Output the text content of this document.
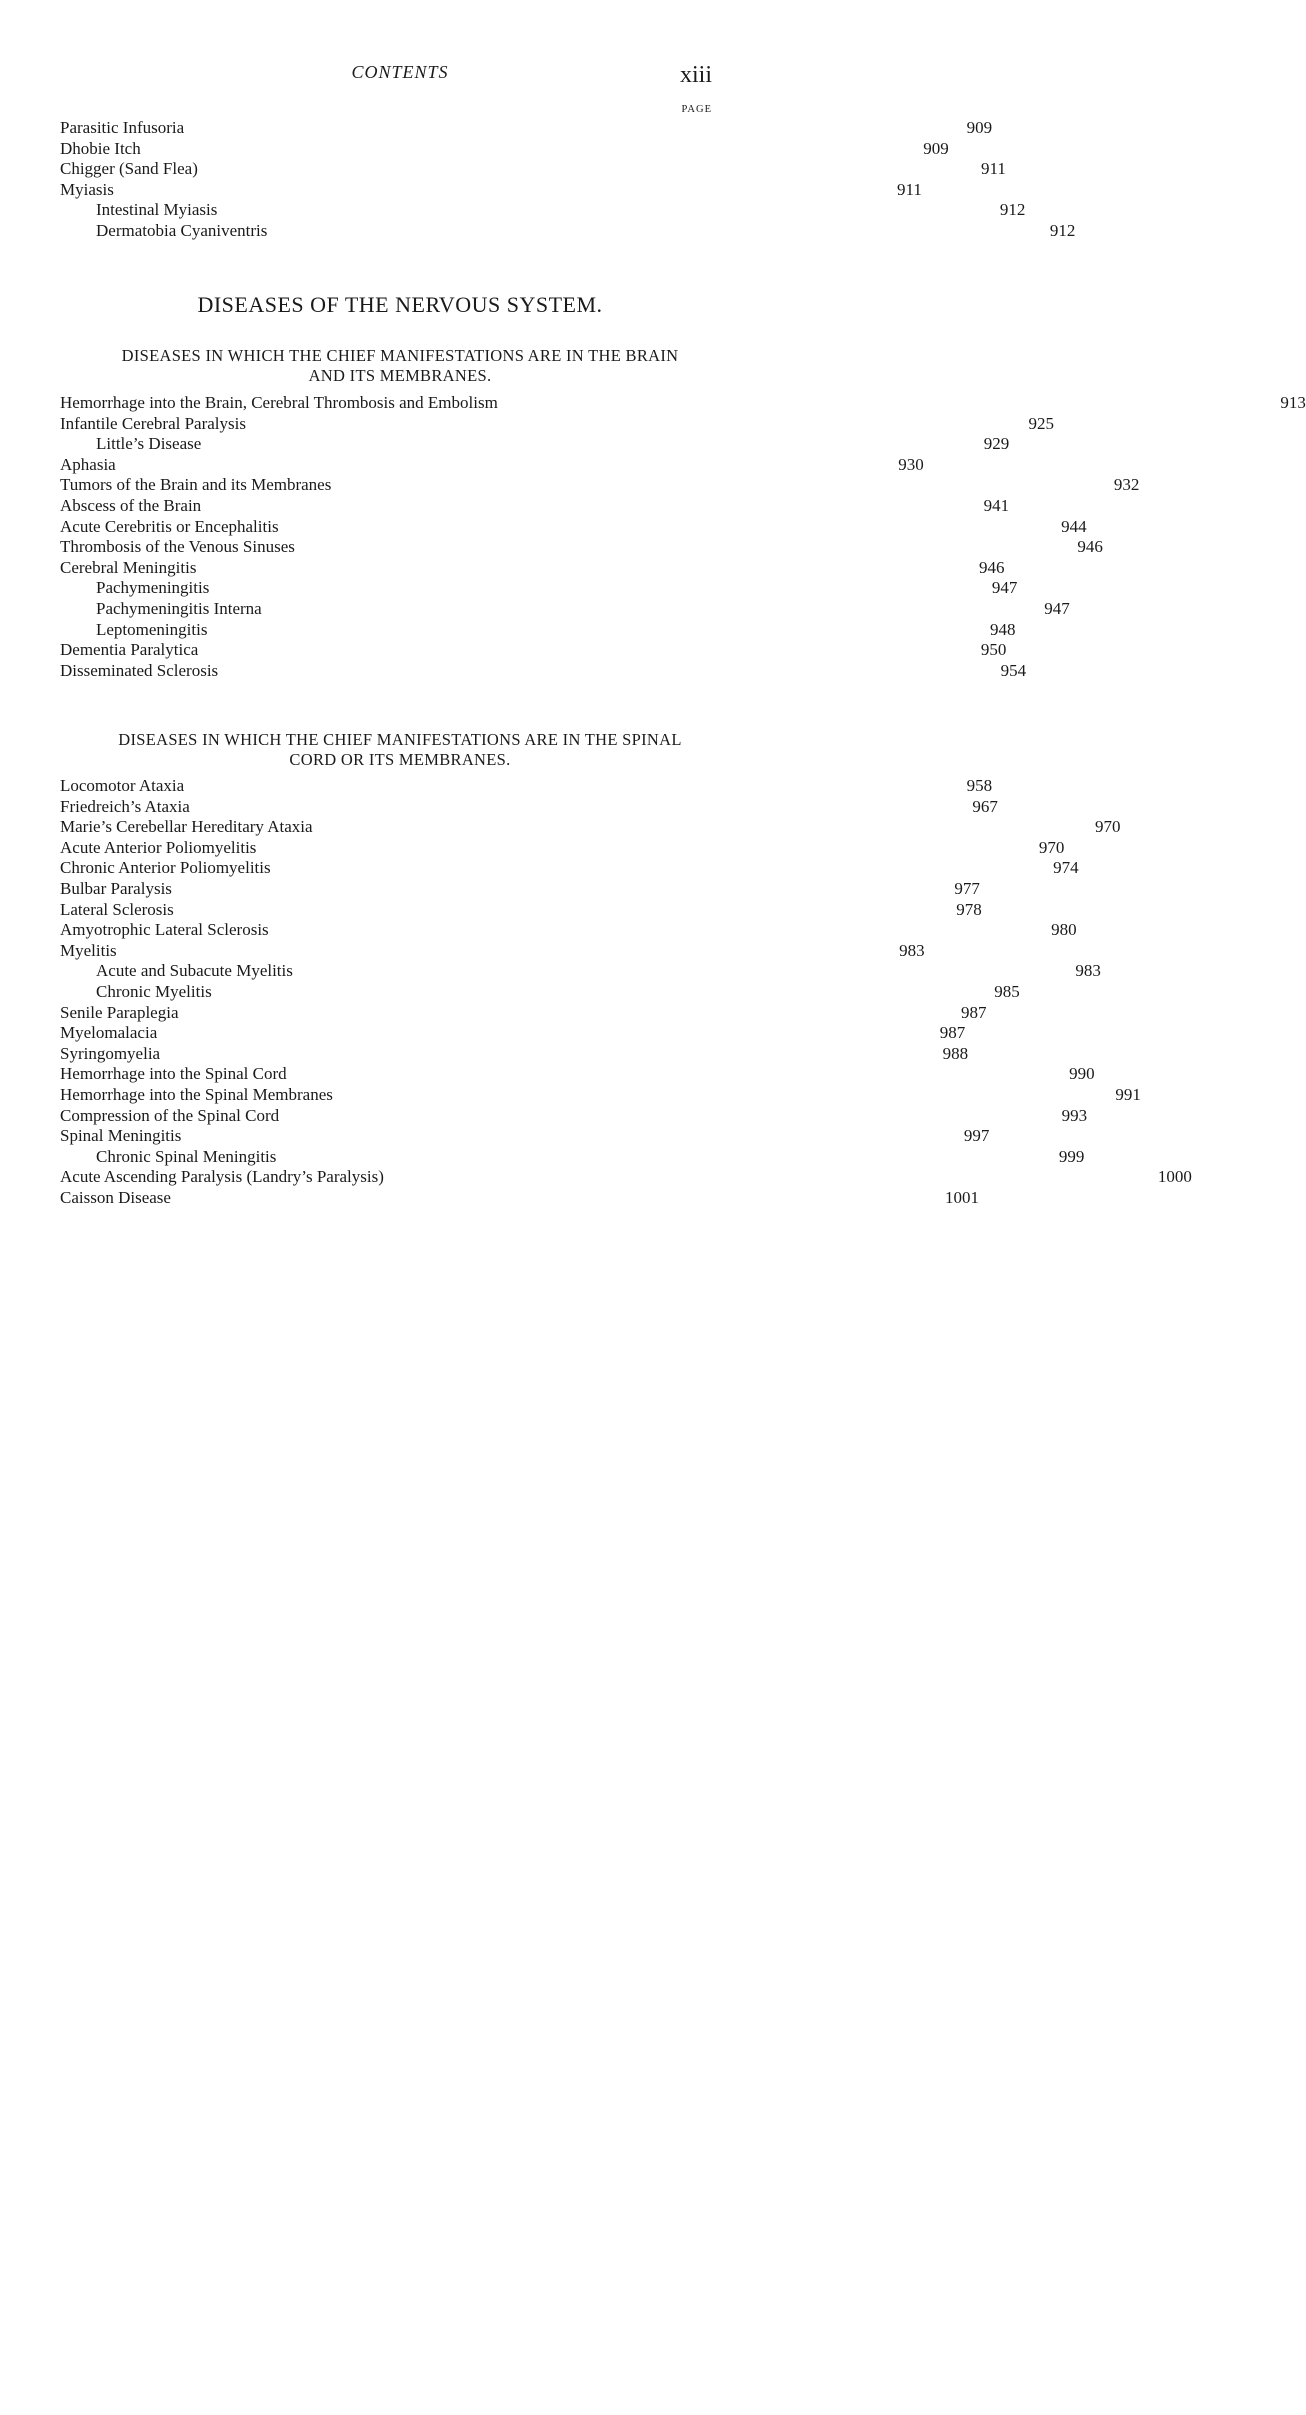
CONTENTS	xiii
PAGE
Parasitic Infusoria	909
Dhobie Itch	909
Chigger (Sand Flea)	911
Myiasis	911
Intestinal Myiasis	912
Dermatobia Cyaniventris	912
DISEASES OF THE NERVOUS SYSTEM.
DISEASES IN WHICH THE CHIEF MANIFESTATIONS ARE IN THE BRAIN
AND ITS MEMBRANES.
Hemorrhage into the Brain, Cerebral Thrombosis and Embolism	913
Infantile Cerebral Paralysis	925
Little’s Disease	929
Aphasia	930
Tumors of the Brain and its Membranes	932
Abscess of the Brain	941
Acute Cerebritis or Encephalitis	944
Thrombosis of the Venous Sinuses	946
Cerebral Meningitis	946
Pachymeningitis	947
Pachymeningitis Interna	947
Leptomeningitis	948
Dementia Paralytica	950
Disseminated Sclerosis	954
DISEASES IN WHICH THE CHIEF MANIFESTATIONS ARE IN THE SPINAL
CORD OR ITS MEMBRANES.
Locomotor Ataxia	958
Friedreich’s Ataxia	967
Marie’s Cerebellar Hereditary Ataxia	970
Acute Anterior Poliomyelitis	970
Chronic Anterior Poliomyelitis	974
Bulbar Paralysis	977
Lateral Sclerosis	978
Amyotrophic Lateral Sclerosis	980
Myelitis	983
Acute and Subacute Myelitis	983
Chronic Myelitis	985
Senile Paraplegia	987
Myelomalacia	987
Syringomyelia	988
Hemorrhage into the Spinal Cord	990
Hemorrhage into the Spinal Membranes	991
Compression of the Spinal Cord	993
Spinal Meningitis	997
Chronic Spinal Meningitis	999
Acute Ascending Paralysis (Landry’s Paralysis)	1000
Caisson Disease	1001
